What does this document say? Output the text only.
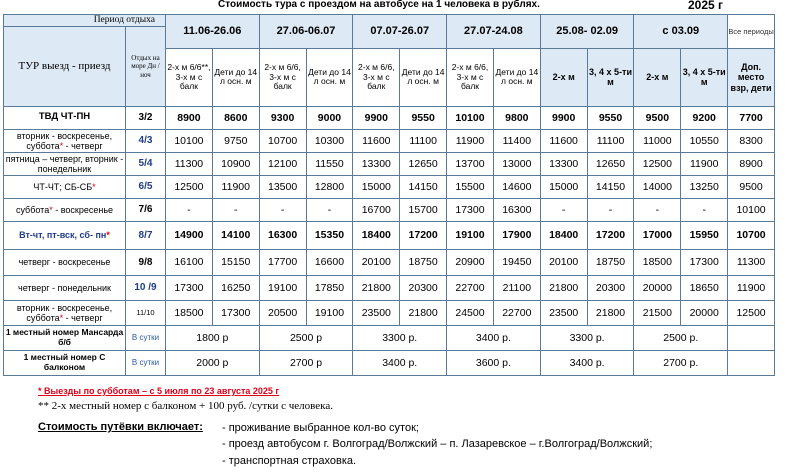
Стоимость тура с проездом на автобусе на 1 человека в рублях.	2025 г
Период отдыха		11.06-26.06		27.06-06.07		07.07-26.07		27.07-24.08		25.08- 02.09		с 03.09		Все периоды
ТУР выезд - приезд	Отдых на море Дн /ноч													
		2-х м 6/6**, 3-х м с балк	Дети до 14 л осн. м	2-х м 6/6, 3-х м с балк	Дети до 14 л осн. м	2-х м 6/6, 3-х м с балк	Дети до 14 л осн. м	2-х м 6/6, 3-х м с балк	Дети до 14 л осн. м	2-х м	3, 4 х 5-ти м	2-х м	3, 4 х 5-ти м	Доп. место взр, дети
ТВД ЧТ-ПН	3/2	8900	8600	9300	9000	9900	9550	10100	9800	9900	9550	9500	9200	7700
вторник - воскресенье, суббота* - четверг	4/3	10100	9750	10700	10300	11600	11100	11900	11400	11600	11100	11000	10550	8300
пятница – четверг, вторник - понедельник	5/4	11300	10900	12100	11550	13300	12650	13700	13000	13300	12650	12500	11900	8900
ЧТ-ЧТ; СБ-СБ*	6/5	12500	11900	13500	12800	15000	14150	15500	14600	15000	14150	14000	13250	9500
суббота* - воскресенье	7/6	-	-	-	-	16700	15700	17300	16300	-	-	-	-	10100
Вт-чт, пт-вск, сб- пн*	8/7	14900	14100	16300	15350	18400	17200	19100	17900	18400	17200	17000	15950	10700
четверг - воскресенье	9/8	16100	15150	17700	16600	20100	18750	20900	19450	20100	18750	18500	17300	11300
четверг - понедельник	10 /9	17300	16250	19100	17850	21800	20300	22700	21100	21800	20300	20000	18650	11900
вторник - воскресенье, суббота* - четверг	11/10	18500	17300	20500	19100	23500	21800	24500	22700	23500	21800	21500	20000	12500
1 местный номер Мансарда б/б	В сутки	1800 р		2500 р		3300 р.		3400 р.		3300 р.		2500 р.		
1 местный номер С балконом	В сутки	2000 р		2700 р		3400 р.		3600 р.		3400 р.		2700 р.		
* Выезды по субботам – с 5 июля по 23 августа 2025 г
** 2-х местный номер с балконом + 100 руб. /сутки с человека.
Стоимость путёвки включает: - проживание выбранное кол-во суток;
- проезд автобусом г. Волгоград/Волжский – п. Лазаревское – г.Волгоград/Волжский;
- транспортная страховка.
